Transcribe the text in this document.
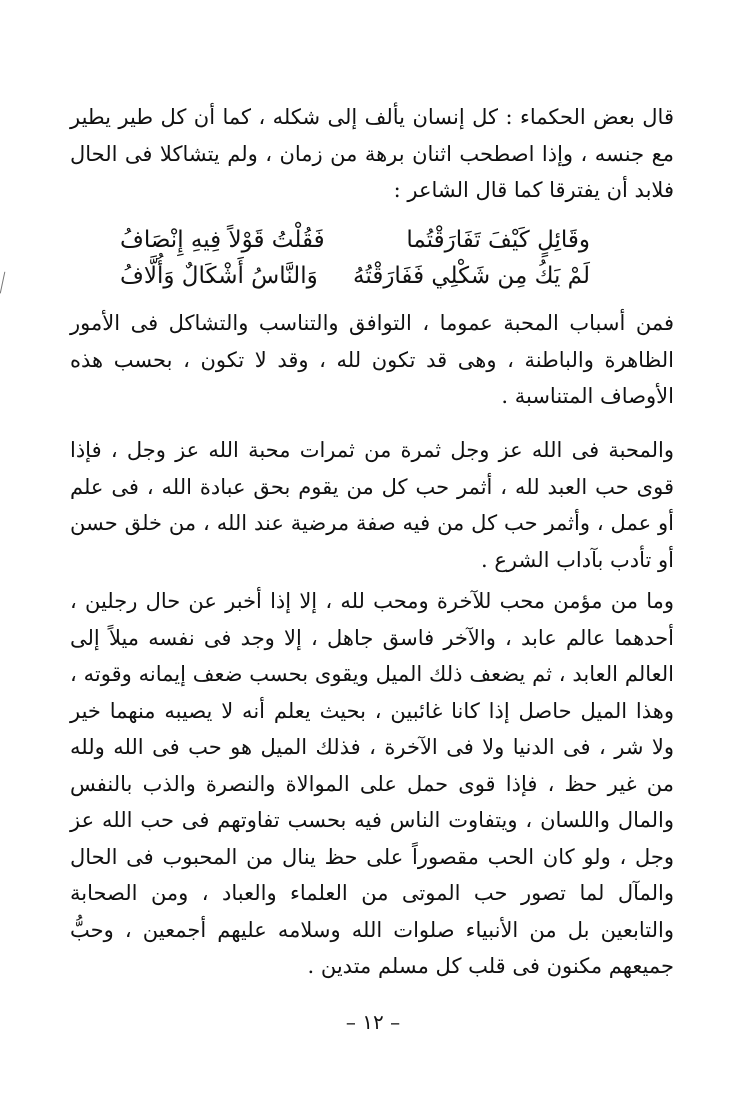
قال بعض الحكماء : كل إنسان يألف إلى شكله ، كما أن كل طير يطير مع جنسه ، وإذا اصطحب اثنان برهة من زمان ، ولم يتشاكلا فى الحال فلابد أن يفترقا كما قال الشاعر :

وقَائِلٍ كَيْفَ تَفَارَقْتُما
فَقُلْتُ قَوْلاً فِيهِ إِنْصَافُ
لَمْ يَكُ مِن شَكْلِي فَفَارَقْتُهُ
وَالنَّاسُ أَشْكَالٌ وَأُلَّافُ

فمن أسباب المحبة عموما ، التوافق والتناسب والتشاكل فى الأمور الظاهرة والباطنة ، وهى قد تكون لله ، وقد لا تكون ، بحسب هذه الأوصاف المتناسبة .

والمحبة فى الله عز وجل ثمرة من ثمرات محبة الله عز وجل ، فإذا قوى حب العبد لله ، أثمر حب كل من يقوم بحق عبادة الله ، فى علم أو عمل ، وأثمر حب كل من فيه صفة مرضية عند الله ، من خلق حسن أو تأدب بآداب الشرع .

وما من مؤمن محب للآخرة ومحب لله ، إلا إذا أخبر عن حال رجلين ، أحدهما عالم عابد ، والآخر فاسق جاهل ، إلا وجد فى نفسه ميلاً إلى العالم العابد ، ثم يضعف ذلك الميل ويقوى بحسب ضعف إيمانه وقوته ، وهذا الميل حاصل إذا كانا غائبين ، بحيث يعلم أنه لا يصيبه منهما خير ولا شر ، فى الدنيا ولا فى الآخرة ، فذلك الميل هو حب فى الله ولله من غير حظ ، فإذا قوى حمل على الموالاة والنصرة والذب بالنفس والمال واللسان ، ويتفاوت الناس فيه بحسب تفاوتهم فى حب الله عز وجل ، ولو كان الحب مقصوراً على حظ ينال من المحبوب فى الحال والمآل لما تصور حب الموتى من العلماء والعباد ، ومن الصحابة والتابعين بل من الأنبياء صلوات الله وسلامه عليهم أجمعين ، وحبُّ جميعهم مكنون فى قلب كل مسلم متدين .

– ١٢ –
